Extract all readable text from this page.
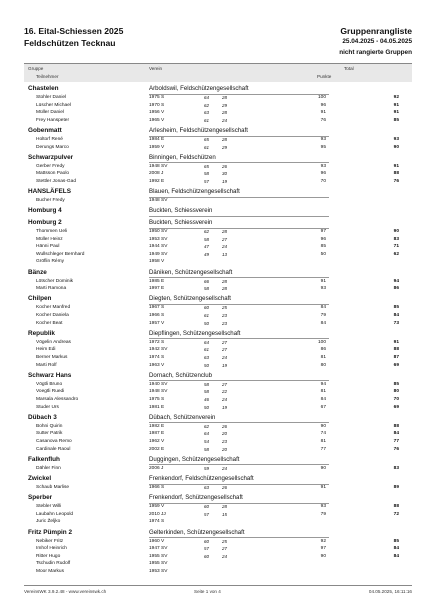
16. Eital-Schiessen 2025
Feldschützen Tecknau
Gruppenrangliste
25.04.2025 - 04.05.2025
nicht rangierte Gruppen
Gruppe
Teilnehmer
Verein	Total
Punkte
Chastelen	Arboldswil, Feldschützengesellschaft
Stohler Daniel	1975 S	64	28	100	92
Lüscher Michael	1970 S	62	29	96	91
Müller Daniel	1956 V	63	28	91	91
Frey Hanspeter	1965 V	61	24	76	85
Gobenmatt	Arlesheim, Feldschützengesellschaft
Holtorf René	1984 E	65	28	93	93
Derungs Marco	1959 V	61	29	95	90
Schwarzpulver	Binningen, Feldschützen
Gerber Fredy	1948 SV	65	26	93	91
Mattsson Paolo	2008 J	58	30	96	88
Stettler Jonas-Gad	1992 E	57	19	70	76
HANSLÄFELS	Blauen, Feldschützengesellschaft
Bucher Fredy	1948 SV
Homburg 4	Buckten, Schiessverein
Homburg 2	Buckten, Schiessverein
Thommen Ueli	1950 SV	62	28	97	90
Müller Heinz	1953 SV	58	27	96	83
Hänni Paul	1944 SV	47	24	85	71
Wullschleger Bernhard	1949 SV	49	13	50	62
Gröflin Rémy	1958 V
Bänze	Däniken, Schützengesellschaft
Lötscher Dominik	1985 E	66	28	91	94
Marti Ramona	1997 E	58	28	93	86
Chilpen	Diegten, Schützengesellschaft
Kocher Manfred	1967 S	60	25	84	85
Kocher Daniela	1966 S	61	23	79	84
Kocher Beat	1957 V	50	23	84	73
Republik	Diepflingen, Schützengesellschaft
Vögelin Andreas	1972 S	64	27	100	91
Heim Edi	1942 SV	61	27	86	88
Berner Markus	1974 S	63	24	81	87
Marti Rolf	1963 V	50	19	80	69
Schwarz Hans	Dornach, Schützenclub
Vögtli Bruno	1940 SV	58	27	94	85
Voegtli Ruedi	1948 SV	58	22	81	80
Marsala Alessandro	1975 S	46	24	84	70
Studer Urs	1981 E	50	19	67	69
Dübach 3	Dübach, Schützenverein
Bohni Quirin	1982 E	62	26	90	88
Sutter Patrik	1987 E	64	20	74	84
Casanova Remo	1962 V	54	23	81	77
Cardinale Raoul	2002 E	58	20	77	76
Falkenfluh	Duggingen, Schützengesellschaft
Dähler Finn	2006 J	59	24	90	83
Zwickel	Frenkendorf, Feldschützengesellschaft
Schaub Marlise	1966 S	63	26	91	89
Sperber	Frenkendorf, Schützengesellschaft
Stebler Willi	1959 V	60	28	93	88
Laubahn Leopold	2010 JJ	57	15	79	72
Juric Željko	1974 S
Fritz Pümpin 2	Gelterkinden, Schützengesellschaft
Nebiker Fritz	1960 V	60	25	92	85
Imhof Heinrich	1947 SV	57	27	97	84
Ritter Hugo	1955 SV	60	24	90	84
Tschudin Rudolf	1955 SV
Moor Markus	1953 SV
VereinsWK 3.9.2.48 - www.vereinswk.ch	Seite 1 von 4	04.05.2025, 16:11:16
